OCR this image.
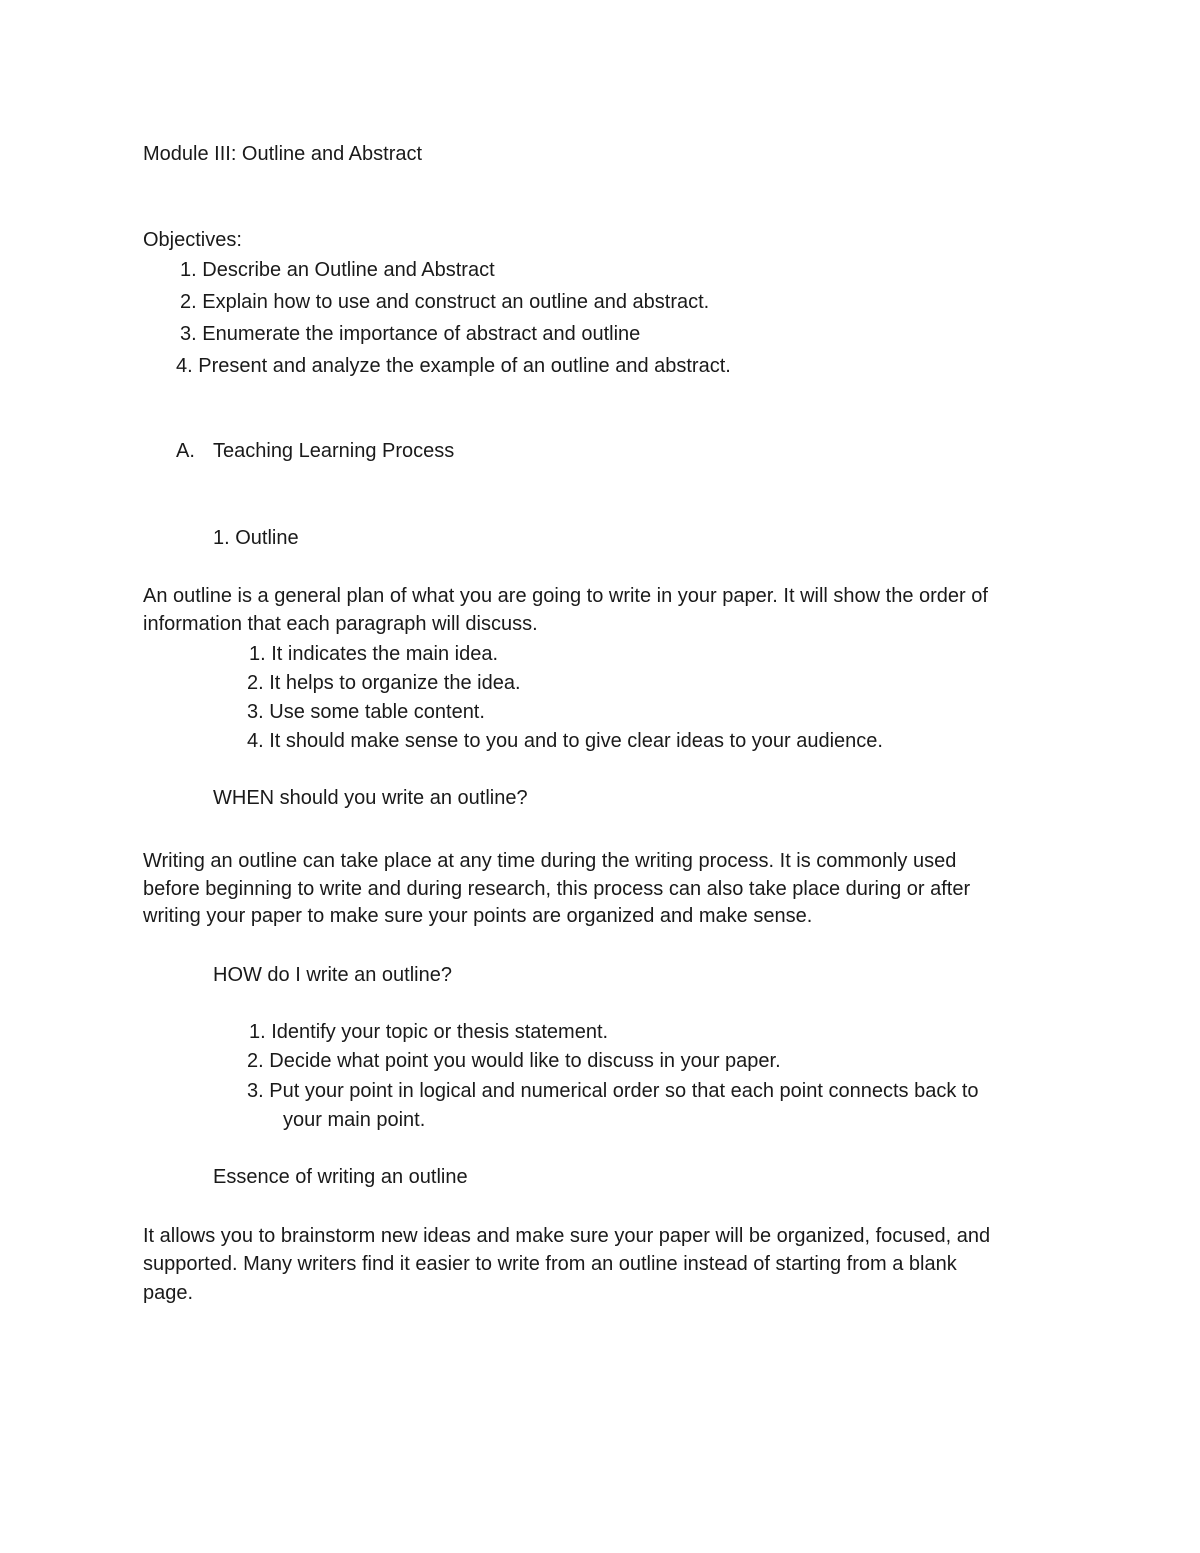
Module III: Outline and Abstract
Objectives:
1. Describe an Outline and Abstract
2. Explain how to use and construct an outline and abstract.
3. Enumerate the importance of abstract and outline
4. Present and analyze the example of an outline and abstract.
A. Teaching Learning Process
1. Outline
An outline is a general plan of what you are going to write in your paper. It will show the order of
information that each paragraph will discuss.
1. It indicates the main idea.
2. It helps to organize the idea.
3. Use some table content.
4. It should make sense to you and to give clear ideas to your audience.
WHEN should you write an outline?
Writing an outline can take place at any time during the writing process. It is commonly used
before beginning to write and during research, this process can also take place during or after
writing your paper to make sure your points are organized and make sense.
HOW do I write an outline?
1. Identify your topic or thesis statement.
2. Decide what point you would like to discuss in your paper.
3. Put your point in logical and numerical order so that each point connects back to
your main point.
Essence of writing an outline
It allows you to brainstorm new ideas and make sure your paper will be organized, focused, and
supported. Many writers find it easier to write from an outline instead of starting from a blank
page.
